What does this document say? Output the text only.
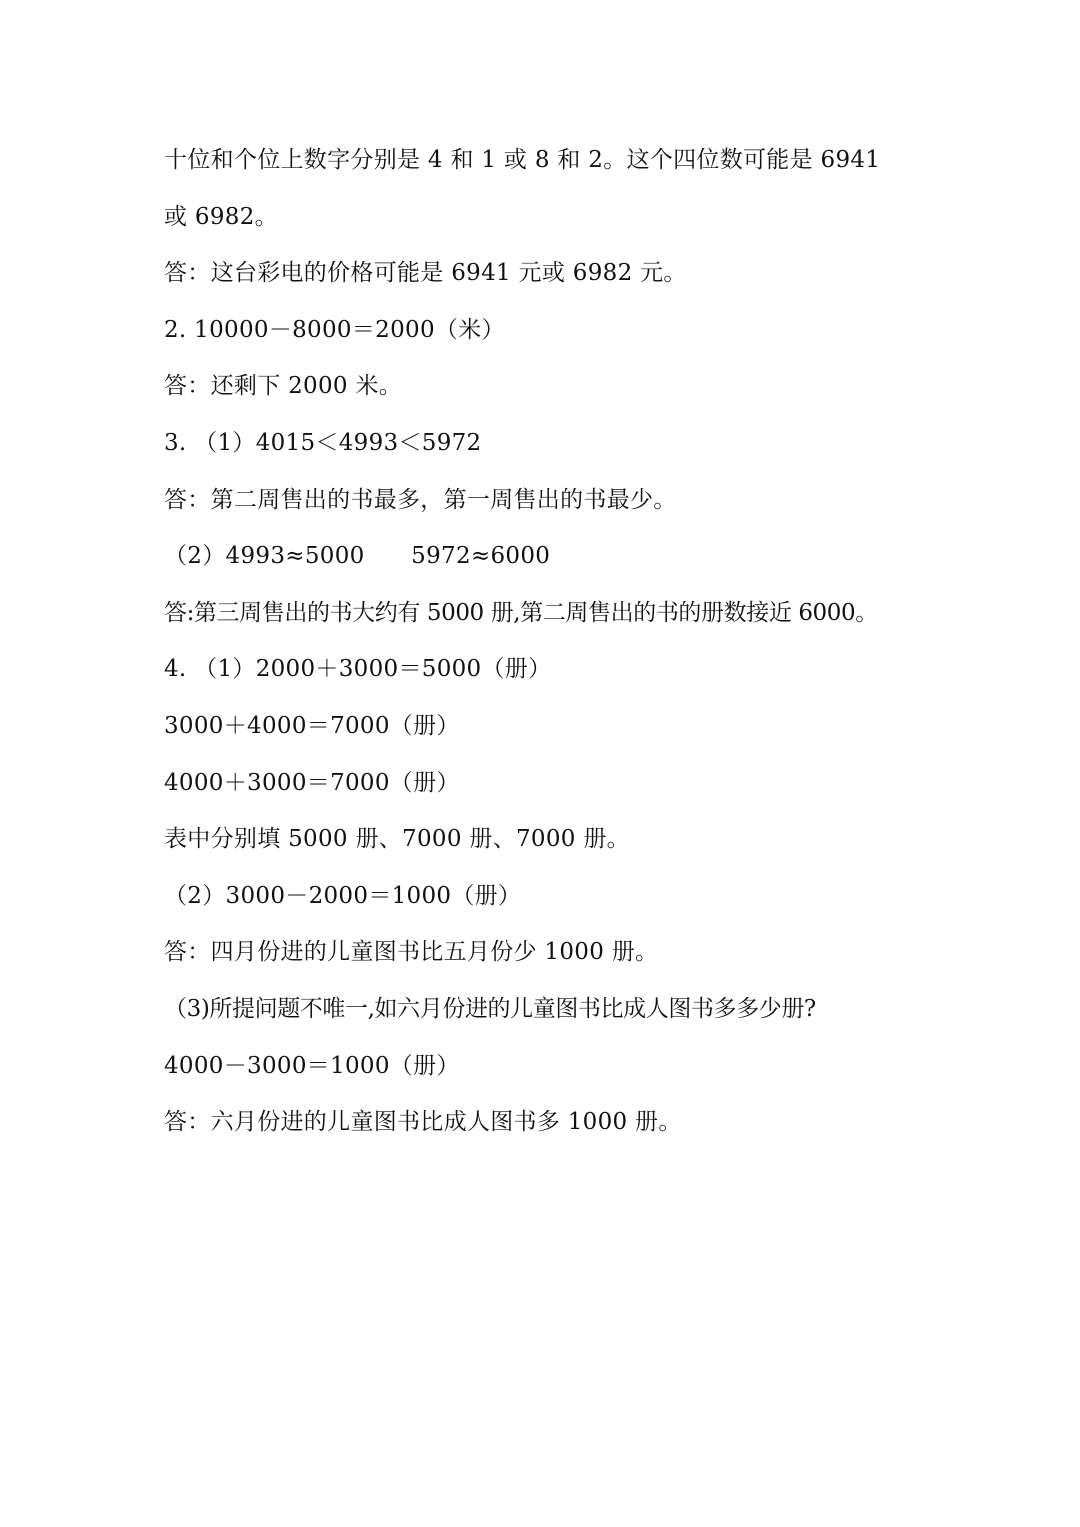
十位和个位上数字分别是 4 和 1 或 8 和 2。这个四位数可能是 6941
或 6982。
答：这台彩电的价格可能是 6941 元或 6982 元。
2. 10000－8000＝2000（米）
答：还剩下 2000 米。
3. （1）4015＜4993＜5972
答：第二周售出的书最多，第一周售出的书最少。
（2）4993≈5000　　5972≈6000
答:第三周售出的书大约有 5000 册,第二周售出的书的册数接近 6000。
4. （1）2000＋3000＝5000（册）
3000＋4000＝7000（册）
4000＋3000＝7000（册）
表中分别填 5000 册、7000 册、7000 册。
（2）3000－2000＝1000（册）
答：四月份进的儿童图书比五月份少 1000 册。
（3)所提问题不唯一,如六月份进的儿童图书比成人图书多多少册?
4000－3000＝1000（册）
答：六月份进的儿童图书比成人图书多 1000 册。
